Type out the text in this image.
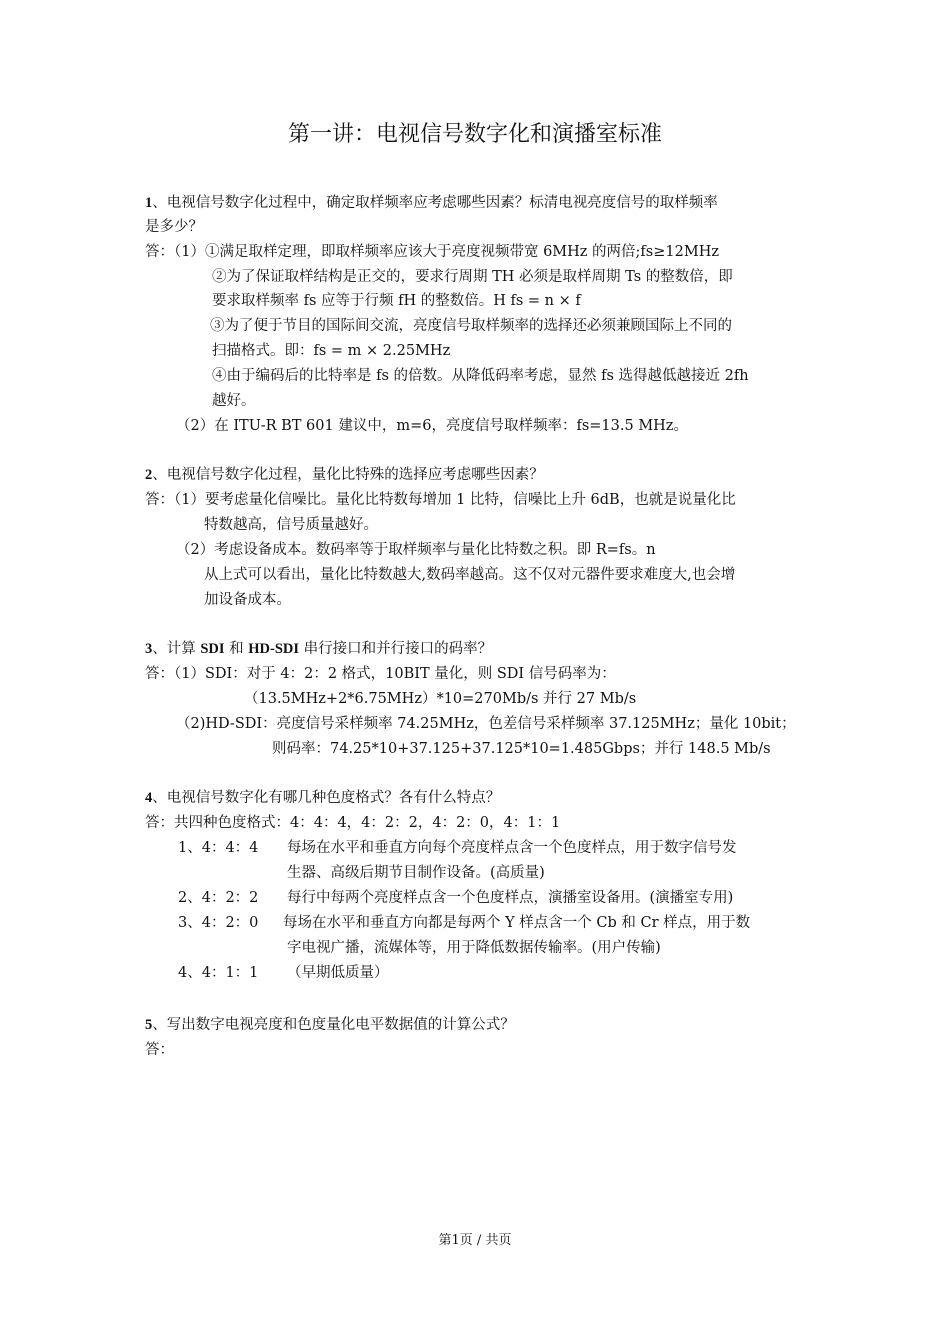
第一讲：电视信号数字化和演播室标准
1、电视信号数字化过程中，确定取样频率应考虑哪些因素？标清电视亮度信号的取样频率
是多少？
答：（1）①满足取样定理，即取样频率应该大于亮度视频带宽 6MHz 的两倍;fs≥12MHz
②为了保证取样结构是正交的，要求行周期 TH 必须是取样周期 Ts 的整数倍，即
要求取样频率 fs 应等于行频 fH 的整数倍。H fs = n × f
③为了便于节目的国际间交流，亮度信号取样频率的选择还必须兼顾国际上不同的
扫描格式。即：fs = m × 2.25MHz
④由于编码后的比特率是 fs 的倍数。从降低码率考虑，显然 fs 选得越低越接近 2fh
越好。
（2）在 ITU-R BT 601 建议中，m=6，亮度信号取样频率：fs=13.5 MHz。
2、电视信号数字化过程，量化比特殊的选择应考虑哪些因素？
答：（1）要考虑量化信噪比。量化比特数每增加 1 比特，信噪比上升 6dB，也就是说量化比
特数越高，信号质量越好。
（2）考虑设备成本。数码率等于取样频率与量化比特数之积。即 R=fs。n
从上式可以看出，量化比特数越大,数码率越高。这不仅对元器件要求难度大,也会增
加设备成本。
3、计算 SDI 和 HD-SDI 串行接口和并行接口的码率？
答：（1）SDI：对于 4：2：2 格式，10BIT 量化，则 SDI 信号码率为：
（13.5MHz+2*6.75MHz）*10=270Mb/s 并行 27 Mb/s
（2)HD-SDI：亮度信号采样频率 74.25MHz，色差信号采样频率 37.125MHz；量化 10bit；
则码率：74.25*10+37.125+37.125*10=1.485Gbps；并行 148.5 Mb/s
4、电视信号数字化有哪几种色度格式？各有什么特点？
答：共四种色度格式：4：4：4，4：2：2，4：2：0，4：1：1
1、4：4：4 每场在水平和垂直方向每个亮度样点含一个色度样点，用于数字信号发
生器、高级后期节目制作设备。(高质量)
2、4：2：2 每行中每两个亮度样点含一个色度样点，演播室设备用。(演播室专用)
3、4：2：0 每场在水平和垂直方向都是每两个 Y 样点含一个 Cb 和 Cr 样点，用于数
字电视广播，流媒体等，用于降低数据传输率。(用户传输)
4、4：1：1 （早期低质量）
5、写出数字电视亮度和色度量化电平数据值的计算公式？
答：
第1页 / 共页
